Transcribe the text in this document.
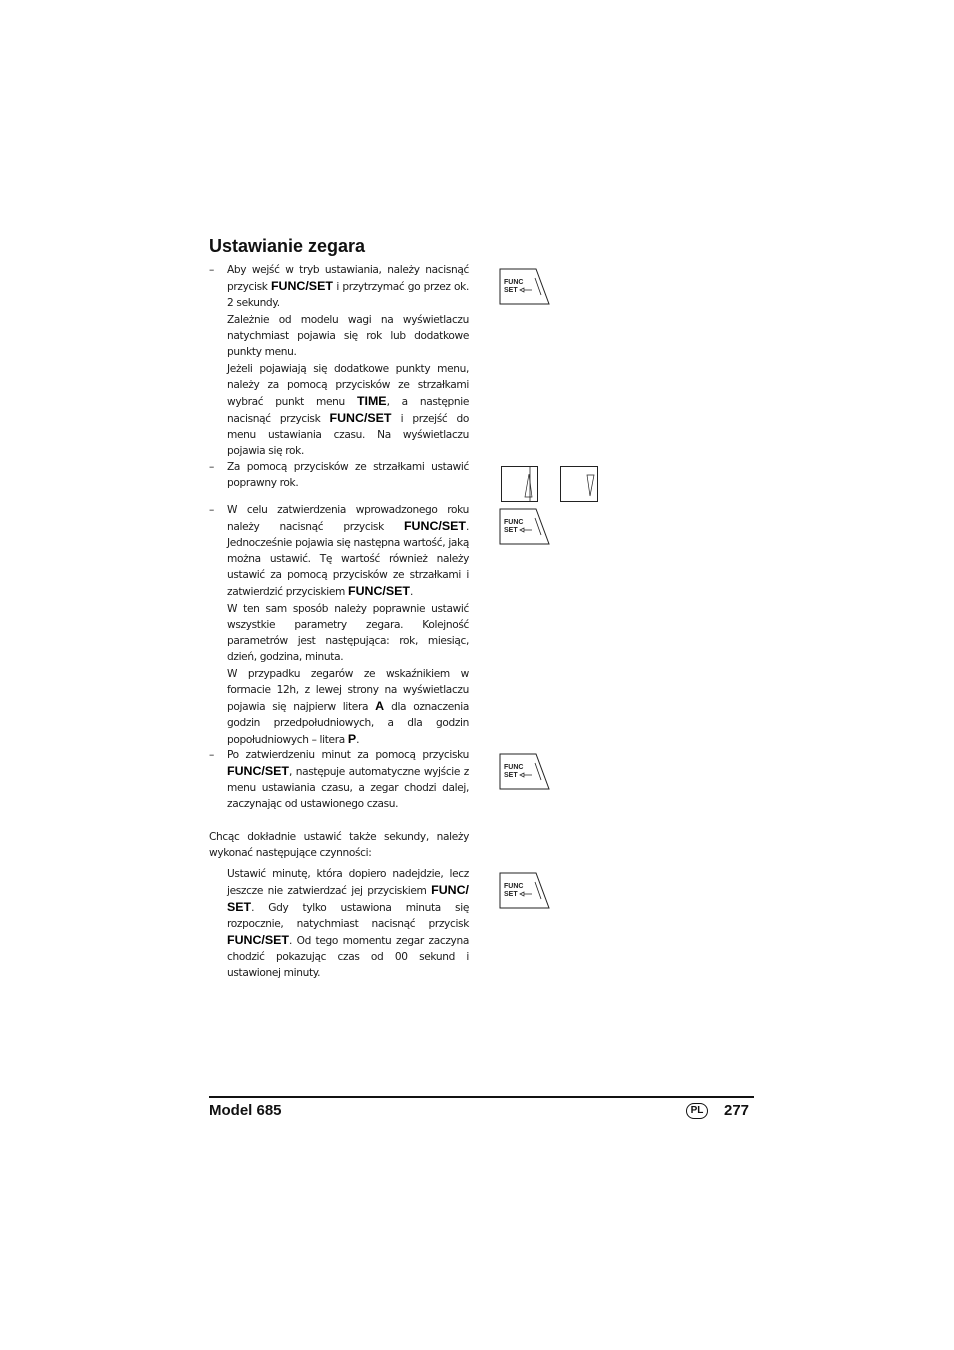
Ustawianie zegara
–	Aby wejść w tryb ustawiania, należy nacisnąć przycisk FUNC/SET i przytrzymać go przez ok. 2 sekundy.

Zależnie od modelu wagi na wyświetlaczu natychmiast pojawia się rok lub dodatkowe punkty menu.

Jeżeli pojawiają się dodatkowe punkty menu, należy za pomocą przycisków ze strzałkami wybrać punkt menu TIME, a następnie nacisnąć przycisk FUNC/SET i przejść do menu ustawiania czasu. Na wyświetlaczu pojawia się rok.

–	Za pomocą przycisków ze strzałkami ustawić poprawny rok.

–	W celu zatwierdzenia wprowadzonego roku należy nacisnąć przycisk FUNC/SET. Jednocześnie pojawia się następna wartość, jaką można ustawić. Tę wartość również należy ustawić za pomocą przycisków ze strzałkami i zatwierdzić przyciskiem FUNC/SET.

W ten sam sposób należy poprawnie ustawić wszystkie parametry zegara. Kolejność parametrów jest następująca: rok, miesiąc, dzień, godzina, minuta.

W przypadku zegarów ze wskaźnikiem w formacie 12h, z lewej strony na wyświetlaczu pojawia się najpierw litera A dla oznaczenia godzin przedpołudniowych, a dla godzin popołudniowych – litera P.

–	Po zatwierdzeniu minut za pomocą przycisku FUNC/SET, następuje automatyczne wyjście z menu ustawiania czasu, a zegar chodzi dalej, zaczynając od ustawionego czasu.

Chcąc dokładnie ustawić także sekundy, należy wykonać następujące czynności:

Ustawić minutę, która dopiero nadejdzie, lecz jeszcze nie zatwierdzać jej przyciskiem FUNC/ SET. Gdy tylko ustawiona minuta się rozpocznie, natychmiast nacisnąć przycisk FUNC/SET. Od tego momentu zegar zaczyna chodzić pokazując czas od 00 sekund i ustawionej minuty.

FUNC
SET
FUNC
SET
FUNC
SET
FUNC
SET
Model 685	PL	277
